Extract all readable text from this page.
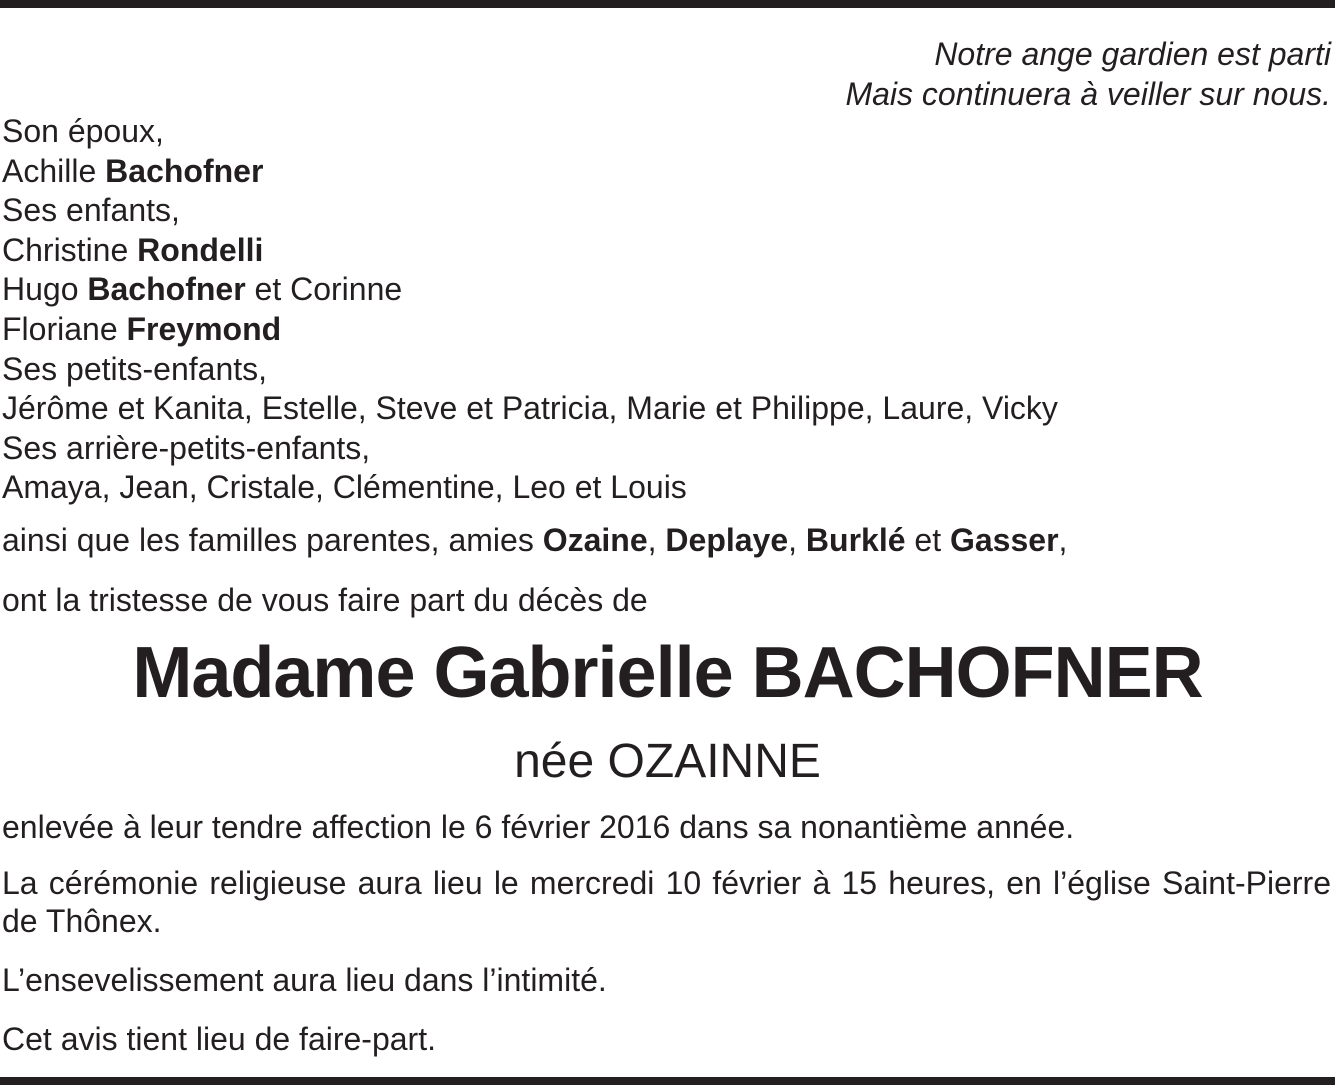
Notre ange gardien est parti
Mais continuera à veiller sur nous.
Son époux,
Achille Bachofner
Ses enfants,
Christine Rondelli
Hugo Bachofner et Corinne
Floriane Freymond
Ses petits-enfants,
Jérôme et Kanita, Estelle, Steve et Patricia, Marie et Philippe, Laure, Vicky
Ses arrière-petits-enfants,
Amaya, Jean, Cristale, Clémentine, Leo et Louis
ainsi que les familles parentes, amies Ozaine, Deplaye, Burklé et Gasser,
ont la tristesse de vous faire part du décès de
Madame Gabrielle BACHOFNER
née OZAINNE
enlevée à leur tendre affection le 6 février 2016 dans sa nonantième année.
La cérémonie religieuse aura lieu le mercredi 10 février à 15 heures, en l’église Saint-Pierre de Thônex.
L’ensevelissement aura lieu dans l’intimité.
Cet avis tient lieu de faire-part.
